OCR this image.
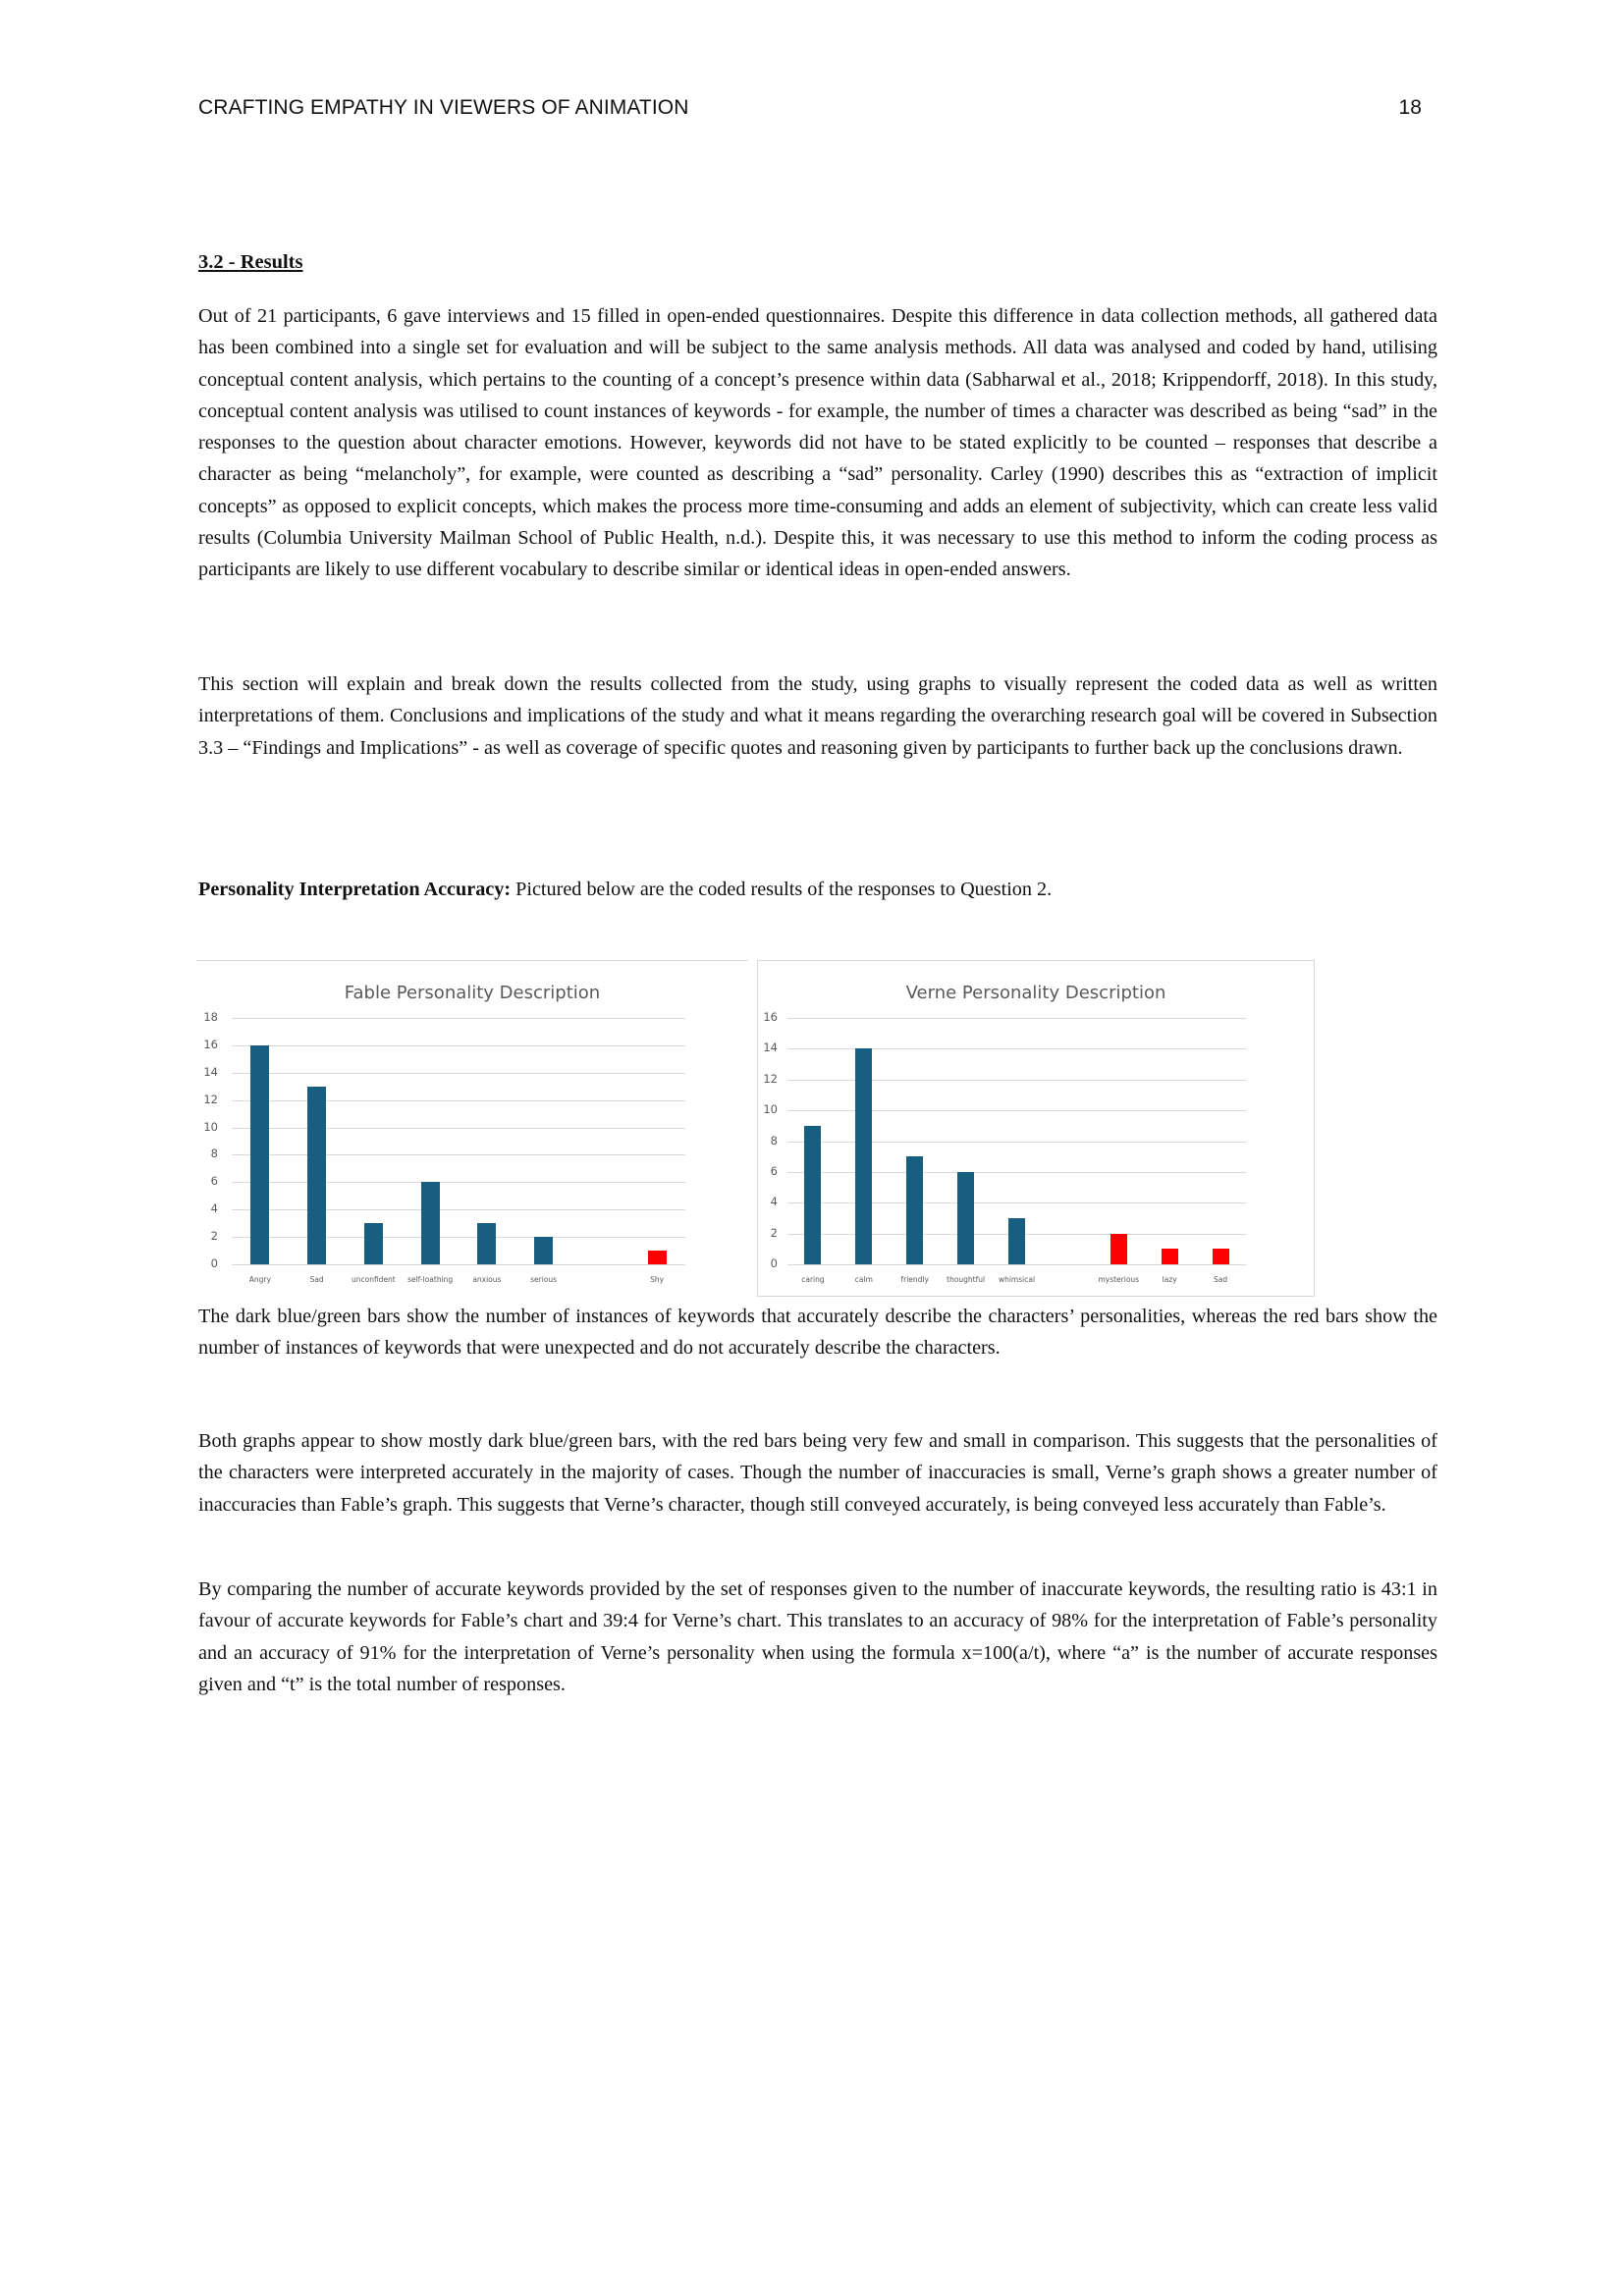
CRAFTING EMPATHY IN VIEWERS OF ANIMATION	18
3.2 - Results

Out of 21 participants, 6 gave interviews and 15 filled in open-ended questionnaires. Despite this difference in data collection methods, all gathered data has been combined into a single set for evaluation and will be subject to the same analysis methods. All data was analysed and coded by hand, utilising conceptual content analysis, which pertains to the counting of a concept’s presence within data (Sabharwal et al., 2018; Krippendorff, 2018). In this study, conceptual content analysis was utilised to count instances of keywords - for example, the number of times a character was described as being “sad” in the responses to the question about character emotions. However, keywords did not have to be stated explicitly to be counted – responses that describe a character as being “melancholy”, for example, were counted as describing a “sad” personality. Carley (1990) describes this as “extraction of implicit concepts” as opposed to explicit concepts, which makes the process more time-consuming and adds an element of subjectivity, which can create less valid results (Columbia University Mailman School of Public Health, n.d.). Despite this, it was necessary to use this method to inform the coding process as participants are likely to use different vocabulary to describe similar or identical ideas in open-ended answers.

This section will explain and break down the results collected from the study, using graphs to visually represent the coded data as well as written interpretations of them. Conclusions and implications of the study and what it means regarding the overarching research goal will be covered in Subsection 3.3 – “Findings and Implications” - as well as coverage of specific quotes and reasoning given by participants to further back up the conclusions drawn.

Personality Interpretation Accuracy: Pictured below are the coded results of the responses to Question 2.

Fable Personality Description
0
2
4
6
8
10
12
14
16
18
Angry	Sad	unconfident	self-loathing	anxious	serious	Shy
Verne Personality Description
0
2
4
6
8
10
12
14
16
caring	calm	friendly	thoughtful	whimsical	mysterious	lazy	Sad

The dark blue/green bars show the number of instances of keywords that accurately describe the characters’ personalities, whereas the red bars show the number of instances of keywords that were unexpected and do not accurately describe the characters.

Both graphs appear to show mostly dark blue/green bars, with the red bars being very few and small in comparison. This suggests that the personalities of the characters were interpreted accurately in the majority of cases. Though the number of inaccuracies is small, Verne’s graph shows a greater number of inaccuracies than Fable’s graph. This suggests that Verne’s character, though still conveyed accurately, is being conveyed less accurately than Fable’s.

By comparing the number of accurate keywords provided by the set of responses given to the number of inaccurate keywords, the resulting ratio is 43:1 in favour of accurate keywords for Fable’s chart and 39:4 for Verne’s chart. This translates to an accuracy of 98% for the interpretation of Fable’s personality and an accuracy of 91% for the interpretation of Verne’s personality when using the formula x=100(a/t), where “a” is the number of accurate responses given and “t” is the total number of responses.
